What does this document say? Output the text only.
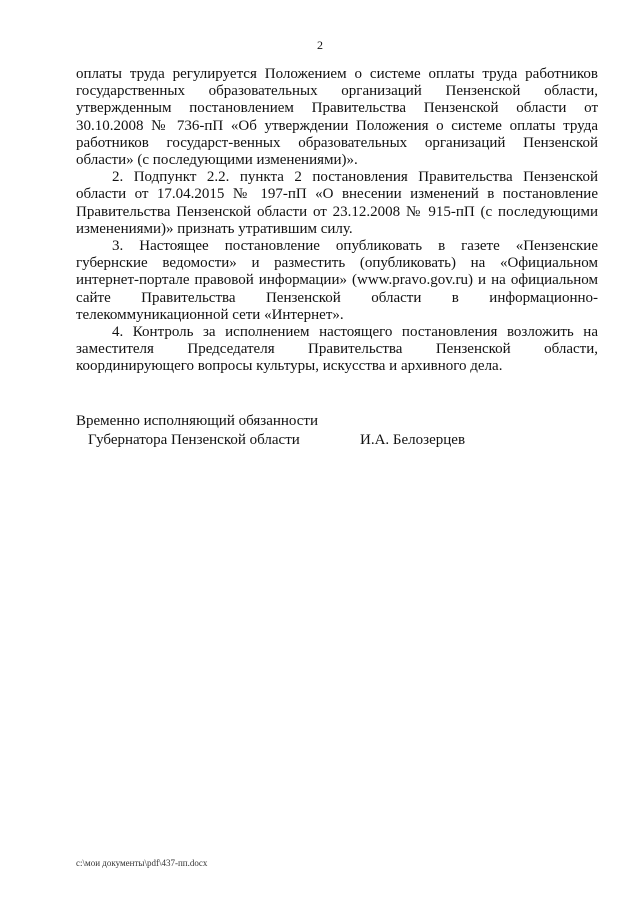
2

оплаты труда регулируется Положением о системе оплаты труда работников государственных образовательных организаций Пензенской области, утвержденным постановлением Правительства Пензенской области от 30.10.2008 № 736-пП «Об утверждении Положения о системе оплаты труда работников государст-венных образовательных организаций Пензенской области» (с последующими изменениями)».

2. Подпункт 2.2. пункта 2 постановления Правительства Пензенской области от 17.04.2015 № 197-пП «О внесении изменений в постановление Правительства Пензенской области от 23.12.2008 № 915-пП (с последующими изменениями)» признать утратившим силу.

3. Настоящее постановление опубликовать в газете «Пензенские губернские ведомости» и разместить (опубликовать) на «Официальном интернет-портале правовой информации» (www.pravo.gov.ru) и на официальном сайте Правительства Пензенской области в информационно-телекоммуникационной сети «Интернет».

4. Контроль за исполнением настоящего постановления возложить на заместителя Председателя Правительства Пензенской области, координирующего вопросы культуры, искусства и архивного дела.

Временно исполняющий обязанности
Губернатора Пензенской области	И.А. Белозерцев
c:\мои документы\pdf\437-пп.docx
